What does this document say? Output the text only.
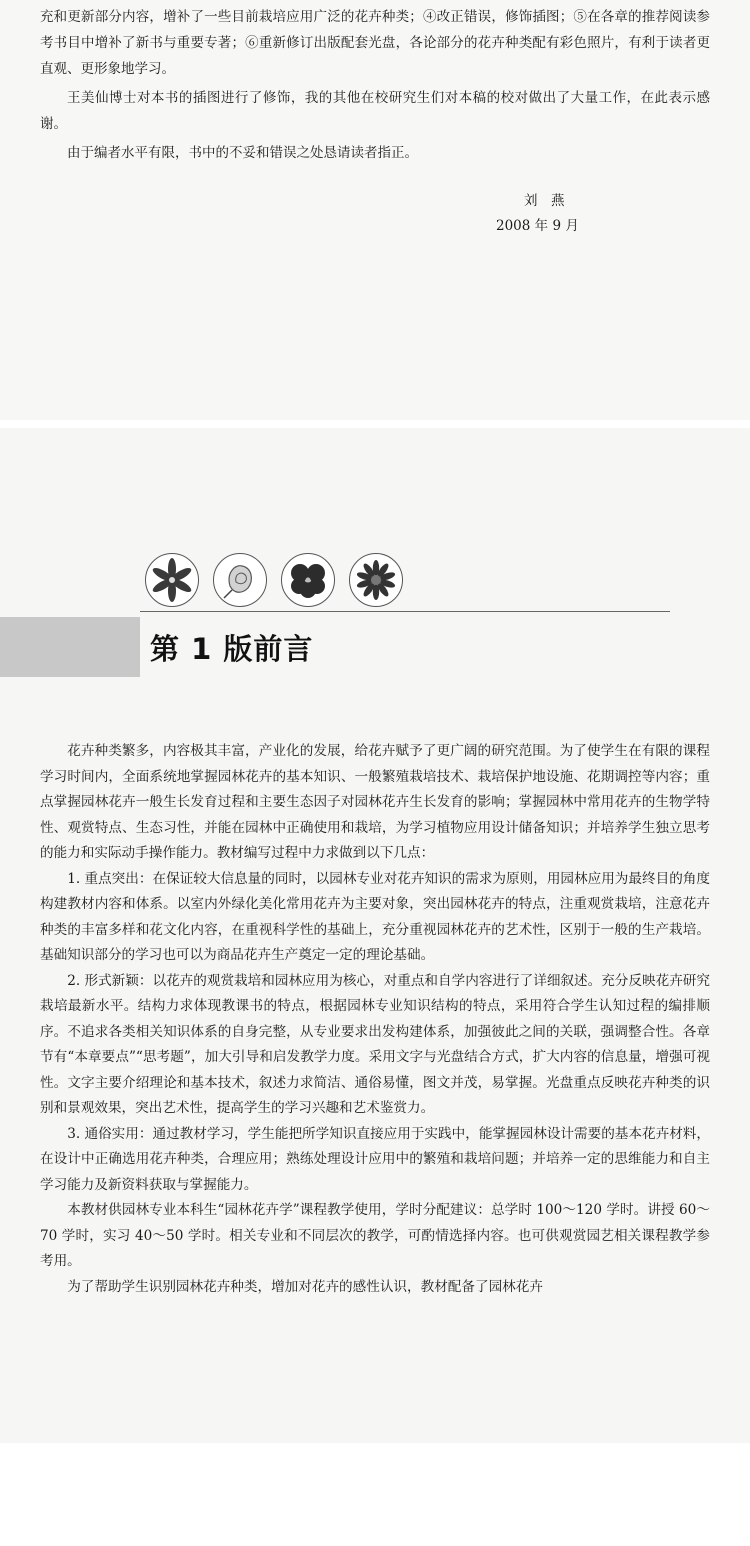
充和更新部分内容，增补了一些目前栽培应用广泛的花卉种类；④改正错误，修饰插图；⑤在各章的推荐阅读参考书目中增补了新书与重要专著；⑥重新修订出版配套光盘，各论部分的花卉种类配有彩色照片，有利于读者更直观、更形象地学习。

王美仙博士对本书的插图进行了修饰，我的其他在校研究生们对本稿的校对做出了大量工作，在此表示感谢。

由于编者水平有限，书中的不妥和错误之处恳请读者指正。

刘　燕
2008 年 9 月
第 1 版前言

花卉种类繁多，内容极其丰富，产业化的发展，给花卉赋予了更广阔的研究范围。为了使学生在有限的课程学习时间内，全面系统地掌握园林花卉的基本知识、一般繁殖栽培技术、栽培保护地设施、花期调控等内容；重点掌握园林花卉一般生长发育过程和主要生态因子对园林花卉生长发育的影响；掌握园林中常用花卉的生物学特性、观赏特点、生态习性，并能在园林中正确使用和栽培，为学习植物应用设计储备知识；并培养学生独立思考的能力和实际动手操作能力。教材编写过程中力求做到以下几点：

1. 重点突出：在保证较大信息量的同时，以园林专业对花卉知识的需求为原则，用园林应用为最终目的角度构建教材内容和体系。以室内外绿化美化常用花卉为主要对象，突出园林花卉的特点，注重观赏栽培，注意花卉种类的丰富多样和花文化内容，在重视科学性的基础上，充分重视园林花卉的艺术性，区别于一般的生产栽培。基础知识部分的学习也可以为商品花卉生产奠定一定的理论基础。

2. 形式新颖：以花卉的观赏栽培和园林应用为核心，对重点和自学内容进行了详细叙述。充分反映花卉研究栽培最新水平。结构力求体现教课书的特点，根据园林专业知识结构的特点，采用符合学生认知过程的编排顺序。不追求各类相关知识体系的自身完整，从专业要求出发构建体系，加强彼此之间的关联，强调整合性。各章节有“本章要点”“思考题”，加大引导和启发教学力度。采用文字与光盘结合方式，扩大内容的信息量，增强可视性。文字主要介绍理论和基本技术，叙述力求简洁、通俗易懂，图文并茂，易掌握。光盘重点反映花卉种类的识别和景观效果，突出艺术性，提高学生的学习兴趣和艺术鉴赏力。

3. 通俗实用：通过教材学习，学生能把所学知识直接应用于实践中，能掌握园林设计需要的基本花卉材料，在设计中正确选用花卉种类，合理应用；熟练处理设计应用中的繁殖和栽培问题；并培养一定的思维能力和自主学习能力及新资料获取与掌握能力。

本教材供园林专业本科生“园林花卉学”课程教学使用，学时分配建议：总学时 100～120 学时。讲授 60～70 学时，实习 40～50 学时。相关专业和不同层次的教学，可酌情选择内容。也可供观赏园艺相关课程教学参考用。

为了帮助学生识别园林花卉种类，增加对花卉的感性认识，教材配备了园林花卉
